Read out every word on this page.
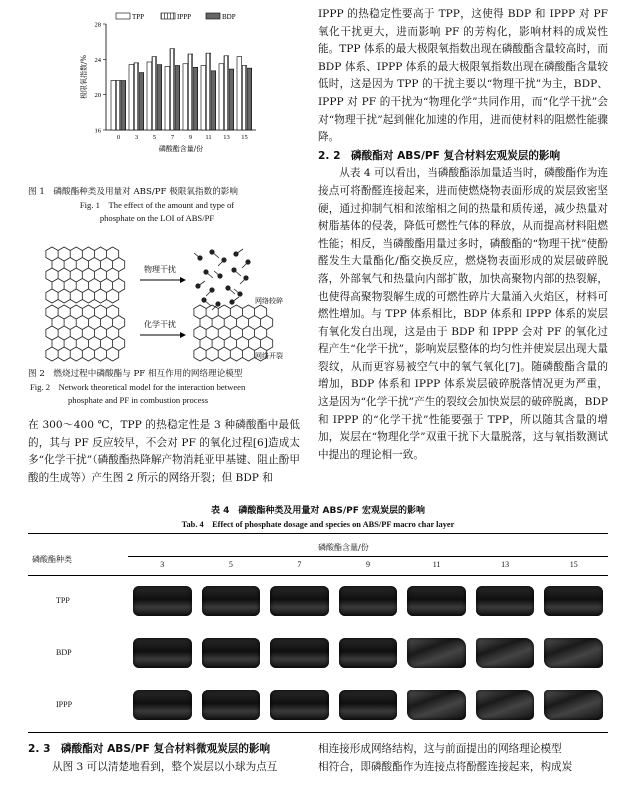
TPP	IPPP	BDP
16
20
24
28
极限氧指数/%
0 3 5 7 9 11 13 15
磷酸酯含量/份
图 1　磷酸酯种类及用量对 ABS/PF 极限氧指数的影响
Fig. 1　The effect of the amount and type of
phosphate on the LOI of ABS/PF
物理干扰
化学干扰
网络较碎
网络开裂
图 2　燃烧过程中磷酸酯与 PF 相互作用的网络理论模型
Fig. 2　Network theoretical model for the interaction between
phosphate and PF in combustion process

在 300～400 ℃，TPP 的热稳定性是 3 种磷酸酯中最低的，其与 PF 反应较早，不会对 PF 的氧化过程[6]造成太多“化学干扰”（磷酸酯热降解产物消耗亚甲基键、阻止酚甲酸的生成等）产生图 2 所示的网络开裂；但 BDP 和

IPPP 的热稳定性要高于 TPP，这使得 BDP 和 IPPP 对 PF 氧化干扰更大，进而影响 PF 的芳构化，影响材料的成炭性能。TPP 体系的最大极限氧指数出现在磷酸酯含量较高时，而 BDP 体系、IPPP 体系的最大极限氧指数出现在磷酸酯含量较低时，这是因为 TPP 的干扰主要以“物理干扰”为主，BDP、IPPP 对 PF 的干扰为“物理化学”共同作用，而“化学干扰”会对“物理干扰”起到催化加速的作用，进而使材料的阻燃性能骤降。

2. 2　磷酸酯对 ABS/PF 复合材料宏观炭层的影响

从表 4 可以看出，当磷酸酯添加量适当时，磷酸酯作为连接点可将酚醛连接起来，进而使燃烧物表面形成的炭层致密坚硬，通过抑制气相和浓缩相之间的热量和质传递，减少热量对树脂基体的侵袭，降低可燃性气体的释放，从而提高材料阻燃性能；相反，当磷酸酯用量过多时，磷酸酯的“物理干扰”使酚醛发生大量酯化/酯交换反应，燃烧物表面形成的炭层破碎脱落，外部氧气和热量向内部扩散，加快高聚物内部的热裂解，也使得高聚物裂解生成的可燃性碎片大量涌入火焰区，材料可燃性增加。与 TPP 体系相比，BDP 体系和 IPPP 体系的炭层有氧化发白出现，这是由于 BDP 和 IPPP 会对 PF 的氧化过程产生“化学干扰”，影响炭层整体的均匀性并使炭层出现大量裂纹，从而更容易被空气中的氧气氧化[7]。随磷酸酯含量的增加，BDP 体系和 IPPP 体系炭层破碎脱落情况更为严重，这是因为“化学干扰”产生的裂纹会加快炭层的破碎脱离，BDP 和 IPPP 的“化学干扰”性能要强于 TPP，所以随其含量的增加，炭层在“物理化学”双重干扰下大量脱落，这与氧指数测试中提出的理论相一致。

表 4　磷酸酯种类及用量对 ABS/PF 宏观炭层的影响
Tab. 4　Effect of phosphate dosage and species on ABS/PF macro char layer
磷酸酯种类
磷酸酯含量/份
3	5	7	9	11	13	15
TPP
BDP
IPPP
2. 3　磷酸酯对 ABS/PF 复合材料微观炭层的影响
从图 3 可以清楚地看到，整个炭层以小球为点互
相连接形成网络结构，这与前面提出的网络理论模型
相符合，即磷酸酯作为连接点将酚醛连接起来，构成炭
